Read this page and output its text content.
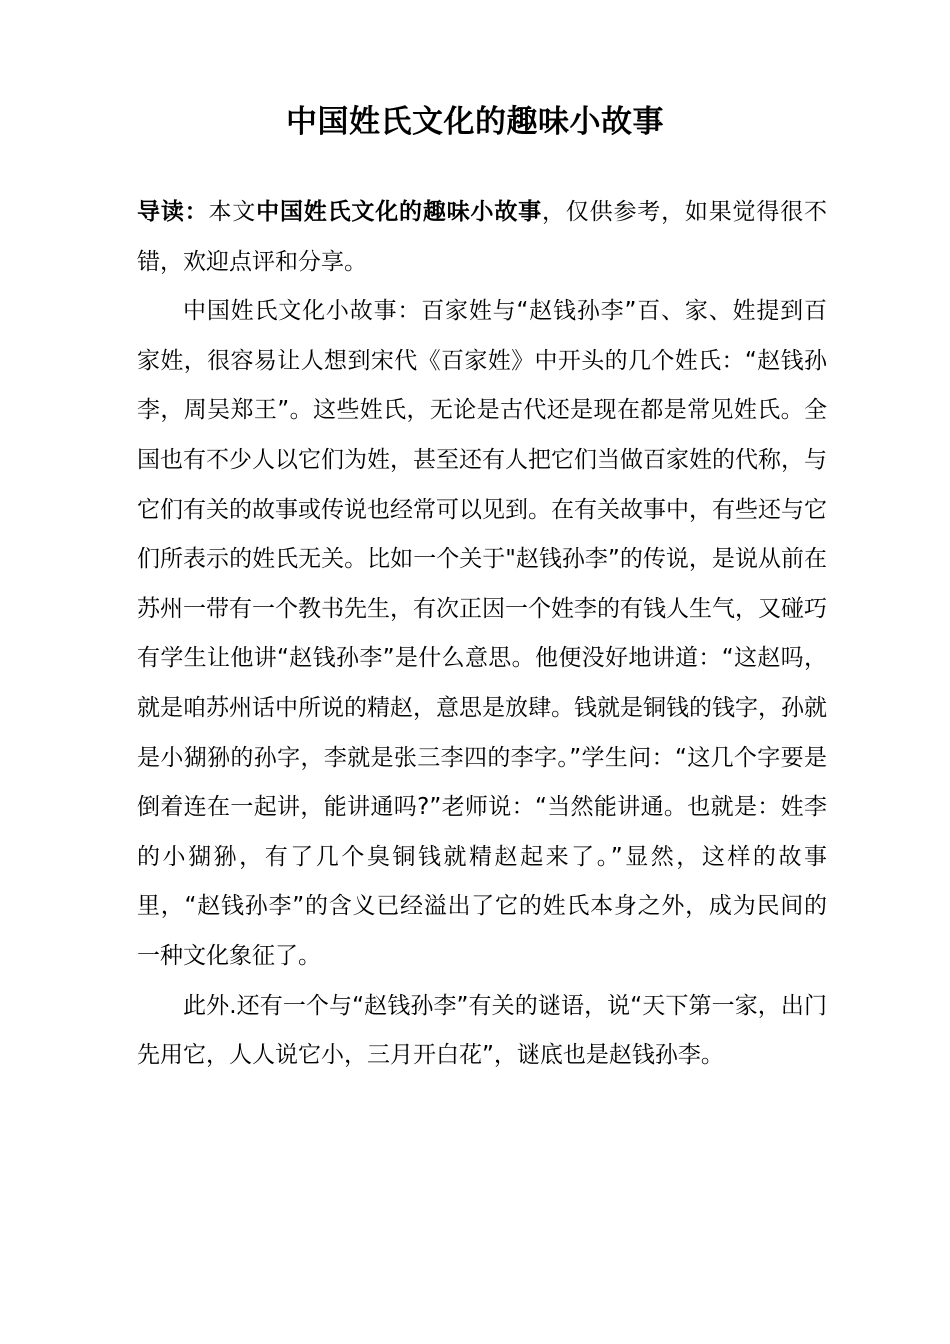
中国姓氏文化的趣味小故事

导读：本文中国姓氏文化的趣味小故事，仅供参考，如果觉得很不错，欢迎点评和分享。

中国姓氏文化小故事：百家姓与“赵钱孙李”百、家、姓提到百家姓，很容易让人想到宋代《百家姓》中开头的几个姓氏：“赵钱孙李，周吴郑王”。这些姓氏，无论是古代还是现在都是常见姓氏。全国也有不少人以它们为姓，甚至还有人把它们当做百家姓的代称，与它们有关的故事或传说也经常可以见到。在有关故事中，有些还与它们所表示的姓氏无关。比如一个关于"赵钱孙李”的传说，是说从前在苏州一带有一个教书先生，有次正因一个姓李的有钱人生气，又碰巧有学生让他讲“赵钱孙李”是什么意思。他便没好地讲道：“这赵吗，就是咱苏州话中所说的精赵，意思是放肆。钱就是铜钱的钱字，孙就是小猢狲的孙字，李就是张三李四的李字。”学生问：“这几个字要是倒着连在一起讲，能讲通吗?”老师说：“当然能讲通。也就是：姓李的小猢狲，有了几个臭铜钱就精赵起来了。”显然，这样的故事里，“赵钱孙李”的含义已经溢出了它的姓氏本身之外，成为民间的一种文化象征了。

此外.还有一个与“赵钱孙李”有关的谜语，说“天下第一家，出门先用它，人人说它小，三月开白花”，谜底也是赵钱孙李。
